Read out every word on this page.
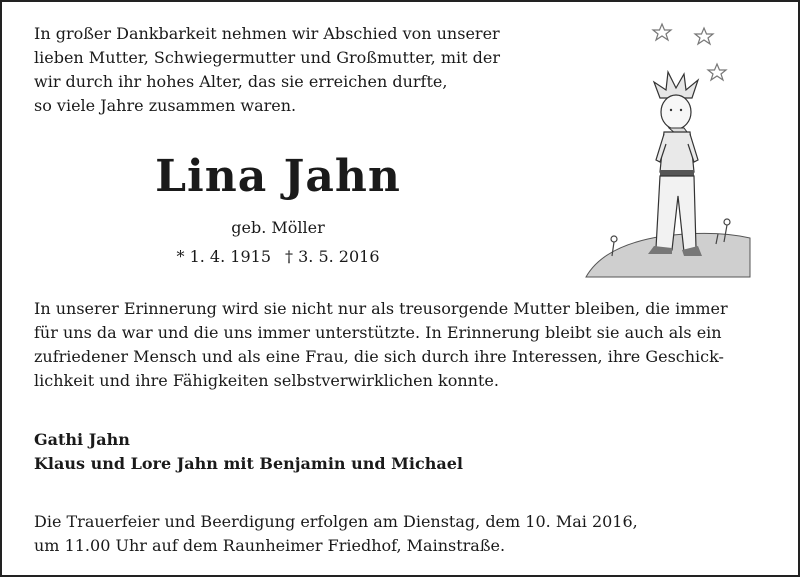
In großer Dankbarkeit nehmen wir Abschied von unserer
lieben Mutter, Schwiegermutter und Großmutter, mit der
wir durch ihr hohes Alter, das sie erreichen durfte,
so viele Jahre zusammen waren.
Lina Jahn
geb. Möller
* 1. 4. 1915 † 3. 5. 2016
In unserer Erinnerung wird sie nicht nur als treusorgende Mutter bleiben, die immer
für uns da war und die uns immer unterstützte. In Erinnerung bleibt sie auch als ein
zufriedener Mensch und als eine Frau, die sich durch ihre Interessen, ihre Geschick-
lichkeit und ihre Fähigkeiten selbstverwirklichen konnte.
Gathi Jahn
Klaus und Lore Jahn mit Benjamin und Michael
Die Trauerfeier und Beerdigung erfolgen am Dienstag, dem 10. Mai 2016,
um 11.00 Uhr auf dem Raunheimer Friedhof, Mainstraße.
